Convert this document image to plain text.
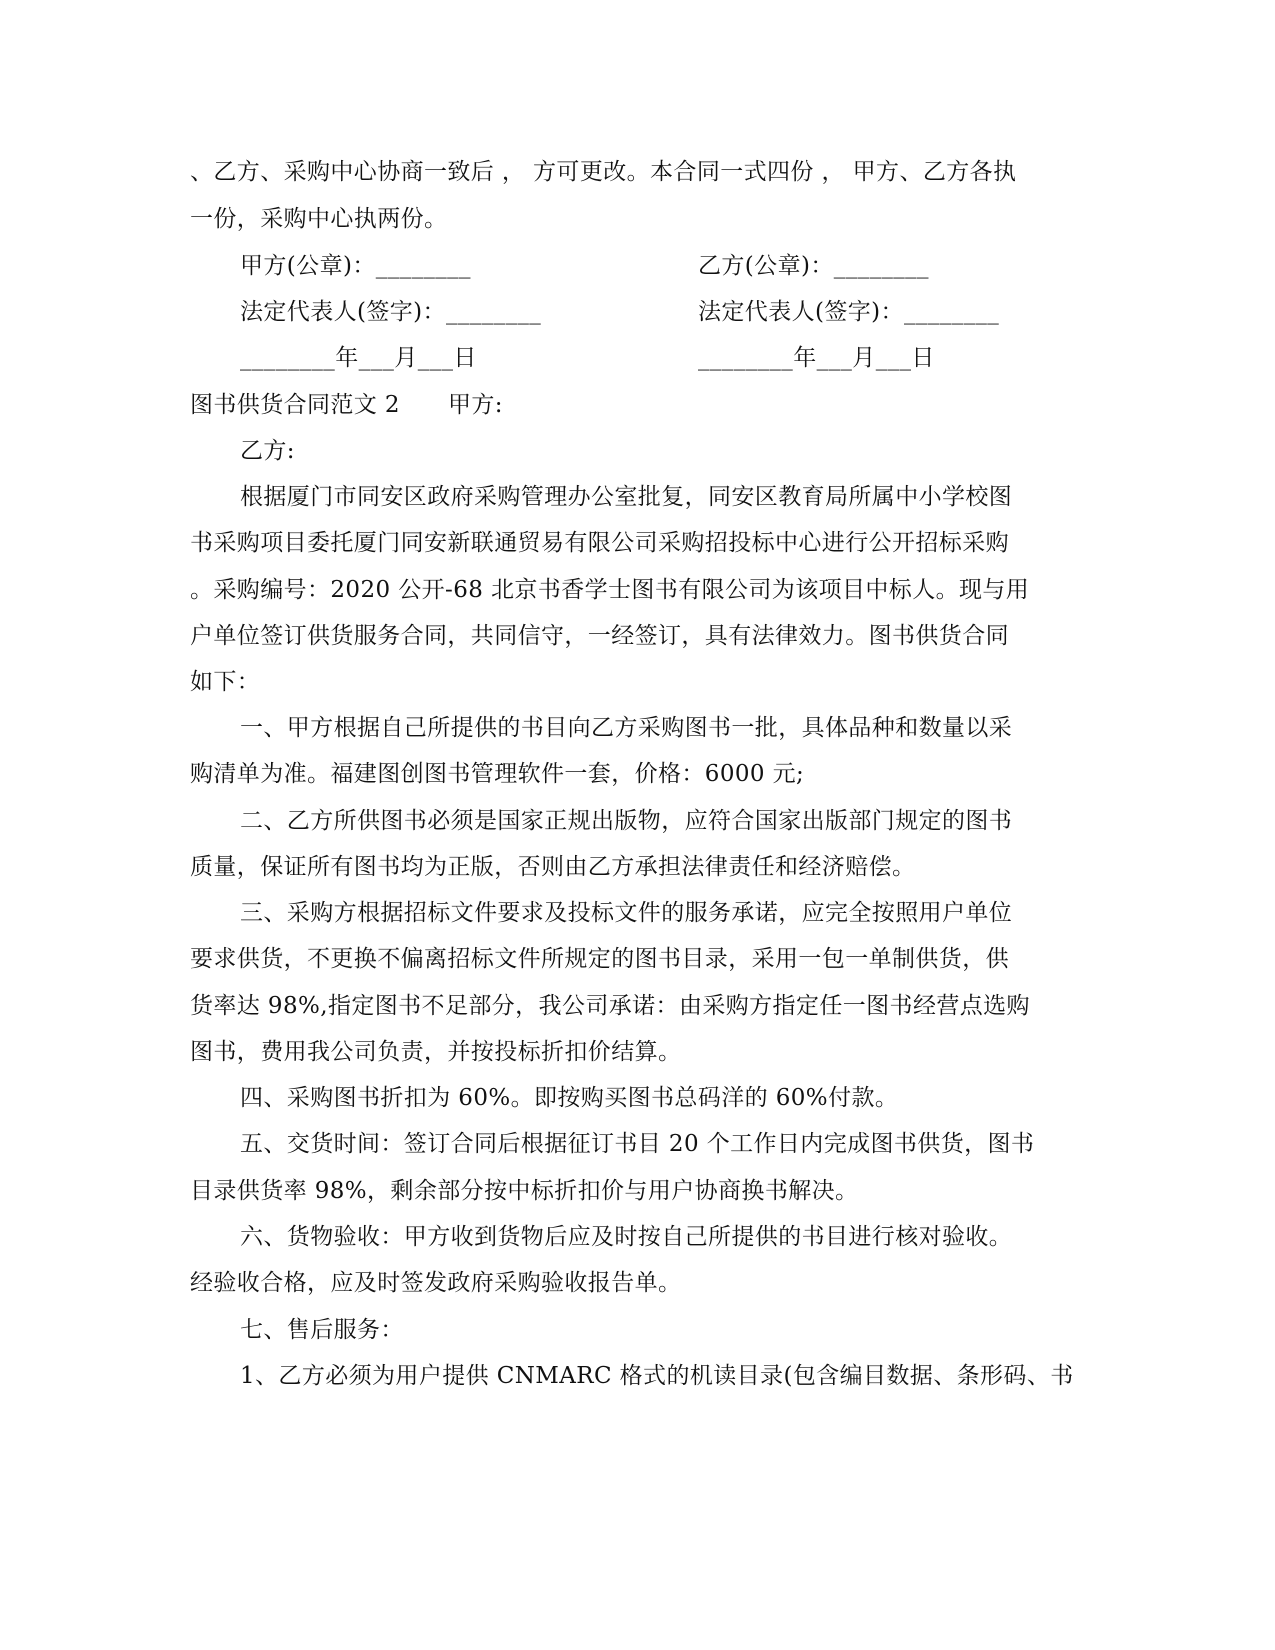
、乙方、采购中心协商一致后 ， 方可更改。本合同一式四份 ， 甲方、乙方各执
一份，采购中心执两份。
甲方(公章)：________	乙方(公章)：________
法定代表人(签字)：________	法定代表人(签字)：________
________年___月___日	________年___月___日
图书供货合同范文 2 甲方:
乙方:
根据厦门市同安区政府采购管理办公室批复，同安区教育局所属中小学校图
书采购项目委托厦门同安新联通贸易有限公司采购招投标中心进行公开招标采购
。采购编号：2020 公开-68 北京书香学士图书有限公司为该项目中标人。现与用
户单位签订供货服务合同，共同信守，一经签订，具有法律效力。图书供货合同
如下：
一、甲方根据自己所提供的书目向乙方采购图书一批，具体品种和数量以采
购清单为准。福建图创图书管理软件一套，价格：6000 元;
二、乙方所供图书必须是国家正规出版物，应符合国家出版部门规定的图书
质量，保证所有图书均为正版，否则由乙方承担法律责任和经济赔偿。
三、采购方根据招标文件要求及投标文件的服务承诺，应完全按照用户单位
要求供货，不更换不偏离招标文件所规定的图书目录，采用一包一单制供货，供
货率达 98%,指定图书不足部分，我公司承诺：由采购方指定任一图书经营点选购
图书，费用我公司负责，并按投标折扣价结算。
四、采购图书折扣为 60%。即按购买图书总码洋的 60%付款。
五、交货时间：签订合同后根据征订书目 20 个工作日内完成图书供货，图书
目录供货率 98%，剩余部分按中标折扣价与用户协商换书解决。
六、货物验收：甲方收到货物后应及时按自己所提供的书目进行核对验收。
经验收合格，应及时签发政府采购验收报告单。
七、售后服务：
1、乙方必须为用户提供 CNMARC 格式的机读目录(包含编目数据、条形码、书
